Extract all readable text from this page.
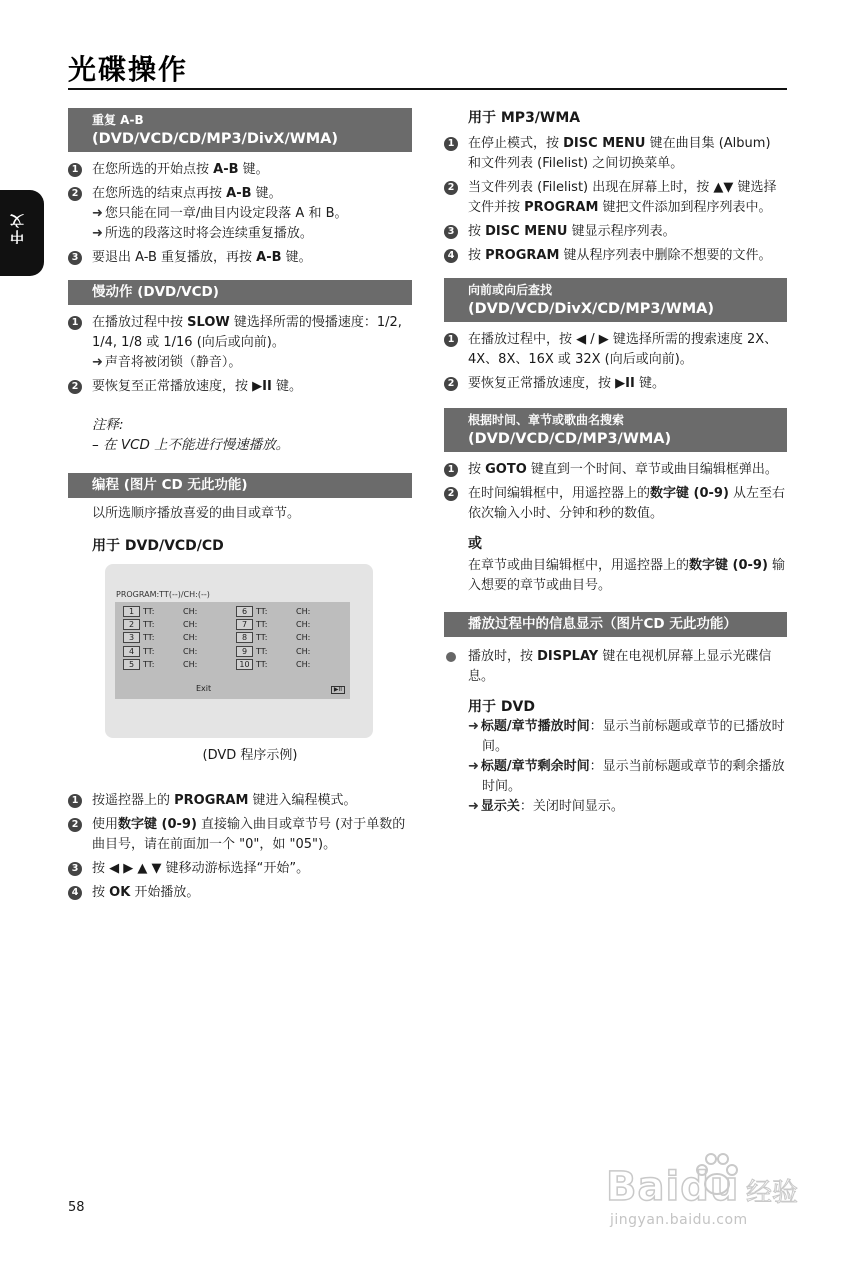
光碟操作
中文
重复 A-B
(DVD/VCD/CD/MP3/DivX/WMA)
1 在您所选的开始点按 A-B 键。
2 在您所选的结束点再按 A-B 键。
➜ 您只能在同一章/曲目内设定段落 A 和 B。
➜ 所选的段落这时将会连续重复播放。
3 要退出 A-B 重复播放，再按 A-B 键。
慢动作 (DVD/VCD)
1 在播放过程中按 SLOW 键选择所需的慢播速度：1/2, 1/4, 1/8 或 1/16 (向后或向前)。
➜ 声音将被闭锁（静音）。
2 要恢复至正常播放速度，按 ▶II 键。
注释:
– 在 VCD 上不能进行慢速播放。
编程 (图片 CD 无此功能)
以所选顺序播放喜爱的曲目或章节。
用于 DVD/VCD/CD
PROGRAM:TT(--)/CH:(--)
1	TT:	CH:	6	TT:	CH:
2	TT:	CH:	7	TT:	CH:
3	TT:	CH:	8	TT:	CH:
4	TT:	CH:	9	TT:	CH:
5	TT:	CH:	10 TT:	CH:
Exit	▶II
(DVD 程序示例)
1 按遥控器上的 PROGRAM 键进入编程模式。
2 使用数字键 (0-9) 直接输入曲目或章节号 (对于单数的曲目号，请在前面加一个 "0"，如 "05")。
3 按 ◀ ▶ ▲ ▼ 键移动游标选择“开始”。
4 按 OK 开始播放。
用于 MP3/WMA
1 在停止模式，按 DISC MENU 键在曲目集 (Album) 和文件列表 (Filelist) 之间切换菜单。
2 当文件列表 (Filelist) 出现在屏幕上时，按 ▲▼ 键选择文件并按 PROGRAM 键把文件添加到程序列表中。
3 按 DISC MENU 键显示程序列表。
4 按 PROGRAM 键从程序列表中删除不想要的文件。
向前或向后查找
(DVD/VCD/DivX/CD/MP3/WMA)
1 在播放过程中，按 ◀ / ▶ 键选择所需的搜索速度 2X、4X、8X、16X 或 32X (向后或向前)。
2 要恢复正常播放速度，按 ▶II 键。
根据时间、章节或歌曲名搜索
(DVD/VCD/CD/MP3/WMA)
1 按 GOTO 键直到一个时间、章节或曲目编辑框弹出。
2 在时间编辑框中，用遥控器上的数字键 (0-9) 从左至右依次输入小时、分钟和秒的数值。
或
在章节或曲目编辑框中，用遥控器上的数字键 (0-9) 输入想要的章节或曲目号。
播放过程中的信息显示（图片CD 无此功能）
播放时，按 DISPLAY 键在电视机屏幕上显示光碟信息。
用于 DVD
➜ 标题/章节播放时间：显示当前标题或章节的已播放时间。
➜ 标题/章节剩余时间：显示当前标题或章节的剩余播放时间。
➜ 显示关：关闭时间显示。
58	Baidu 经验
jingyan.baidu.com
